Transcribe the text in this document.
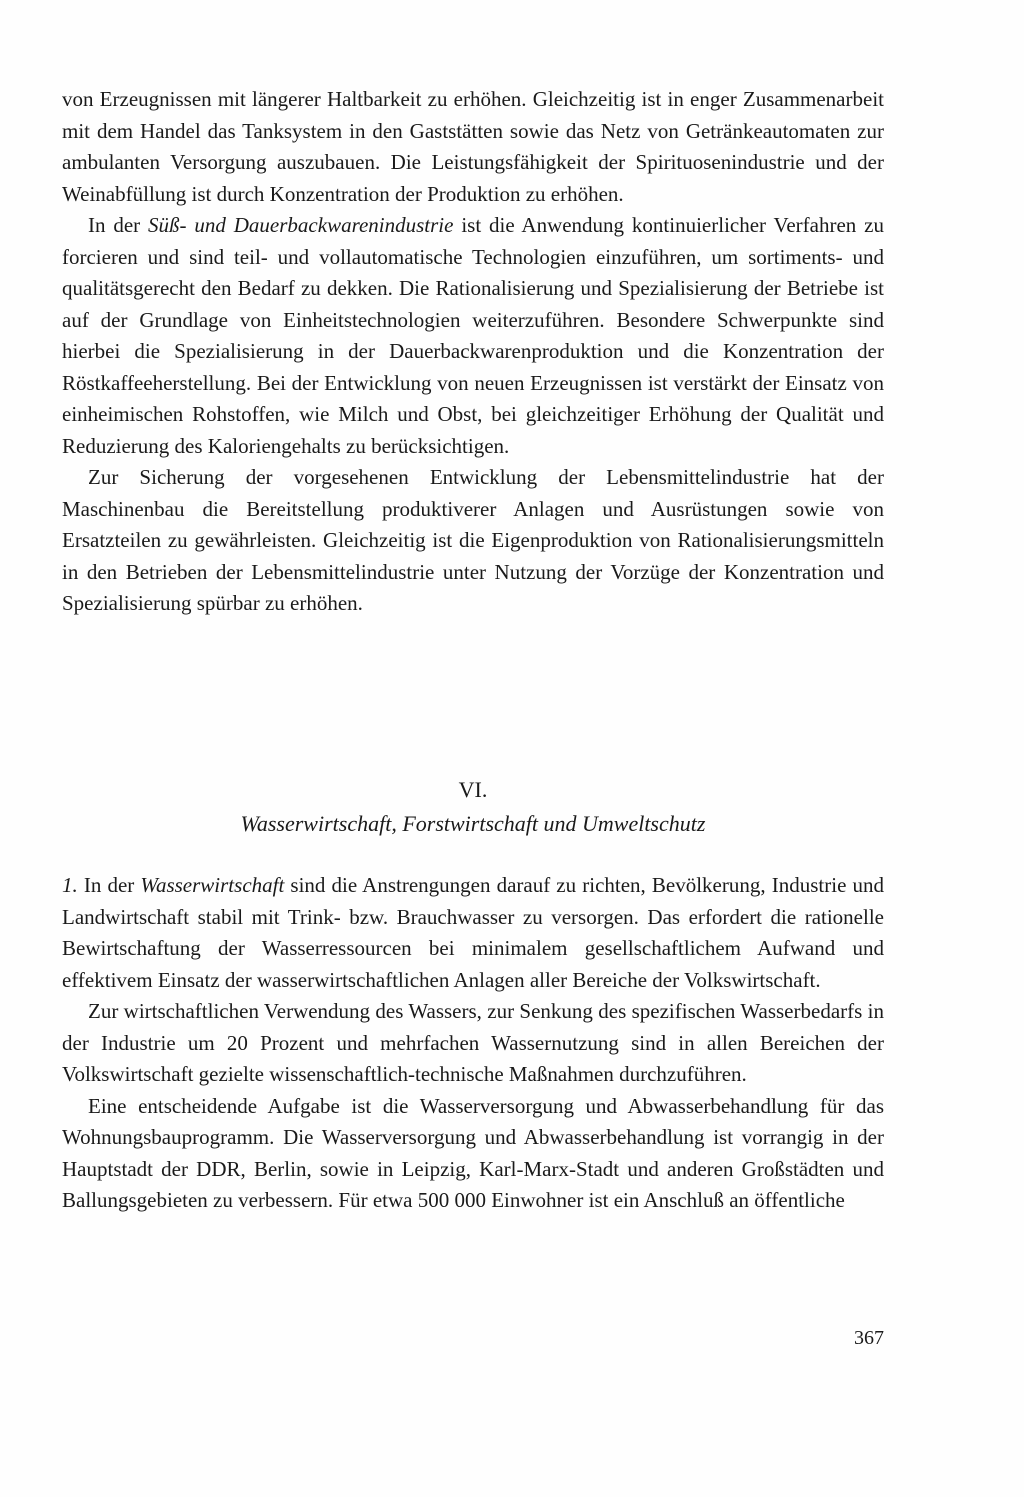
von Erzeugnissen mit längerer Haltbarkeit zu erhöhen. Gleichzeitig ist in enger Zusammenarbeit mit dem Handel das Tanksystem in den Gaststätten sowie das Netz von Getränkeautomaten zur ambulanten Versorgung auszubauen. Die Leistungsfähigkeit der Spirituosenindustrie und der Weinabfüllung ist durch Konzentration der Produktion zu erhöhen.

In der Süß- und Dauerbackwarenindustrie ist die Anwendung kontinuierlicher Verfahren zu forcieren und sind teil- und vollautomatische Technologien einzuführen, um sortiments- und qualitätsgerecht den Bedarf zu dekken. Die Rationalisierung und Spezialisierung der Betriebe ist auf der Grundlage von Einheitstechnologien weiterzuführen. Besondere Schwerpunkte sind hierbei die Spezialisierung in der Dauerbackwarenproduktion und die Konzentration der Röstkaffeeherstellung. Bei der Entwicklung von neuen Erzeugnissen ist verstärkt der Einsatz von einheimischen Rohstoffen, wie Milch und Obst, bei gleichzeitiger Erhöhung der Qualität und Reduzierung des Kaloriengehalts zu berücksichtigen.

Zur Sicherung der vorgesehenen Entwicklung der Lebensmittelindustrie hat der Maschinenbau die Bereitstellung produktiverer Anlagen und Ausrüstungen sowie von Ersatzteilen zu gewährleisten. Gleichzeitig ist die Eigenproduktion von Rationalisierungsmitteln in den Betrieben der Lebensmittelindustrie unter Nutzung der Vorzüge der Konzentration und Spezialisierung spürbar zu erhöhen.

VI.
Wasserwirtschaft, Forstwirtschaft und Umweltschutz

1. In der Wasserwirtschaft sind die Anstrengungen darauf zu richten, Bevölkerung, Industrie und Landwirtschaft stabil mit Trink- bzw. Brauchwasser zu versorgen. Das erfordert die rationelle Bewirtschaftung der Wasserressourcen bei minimalem gesellschaftlichem Aufwand und effektivem Einsatz der wasserwirtschaftlichen Anlagen aller Bereiche der Volkswirtschaft.

Zur wirtschaftlichen Verwendung des Wassers, zur Senkung des spezifischen Wasserbedarfs in der Industrie um 20 Prozent und mehrfachen Wassernutzung sind in allen Bereichen der Volkswirtschaft gezielte wissenschaftlich-technische Maßnahmen durchzuführen.

Eine entscheidende Aufgabe ist die Wasserversorgung und Abwasserbehandlung für das Wohnungsbauprogramm. Die Wasserversorgung und Abwasserbehandlung ist vorrangig in der Hauptstadt der DDR, Berlin, sowie in Leipzig, Karl-Marx-Stadt und anderen Großstädten und Ballungsgebieten zu verbessern. Für etwa 500 000 Einwohner ist ein Anschluß an öffentliche

367
